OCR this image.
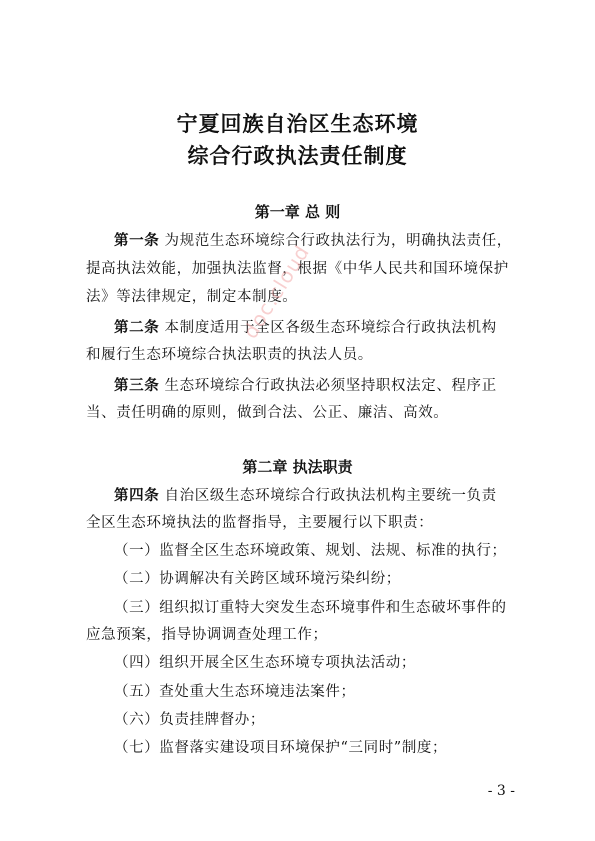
宁夏回族自治区生态环境
综合行政执法责任制度
第一章 总 则
第一条 为规范生态环境综合行政执法行为，明确执法责任，
提高执法效能，加强执法监督，根据《中华人民共和国环境保护
法》等法律规定，制定本制度。
第二条 本制度适用于全区各级生态环境综合行政执法机构
和履行生态环境综合执法职责的执法人员。
第三条 生态环境综合行政执法必须坚持职权法定、程序正
当、责任明确的原则，做到合法、公正、廉洁、高效。
doc.cloud
第二章 执法职责
第四条 自治区级生态环境综合行政执法机构主要统一负责
全区生态环境执法的监督指导，主要履行以下职责：
（一）监督全区生态环境政策、规划、法规、标准的执行；
（二）协调解决有关跨区域环境污染纠纷；
（三）组织拟订重特大突发生态环境事件和生态破坏事件的
应急预案，指导协调调查处理工作；
（四）组织开展全区生态环境专项执法活动；
（五）查处重大生态环境违法案件；
（六）负责挂牌督办；
（七）监督落实建设项目环境保护“三同时”制度；
- 3 -
